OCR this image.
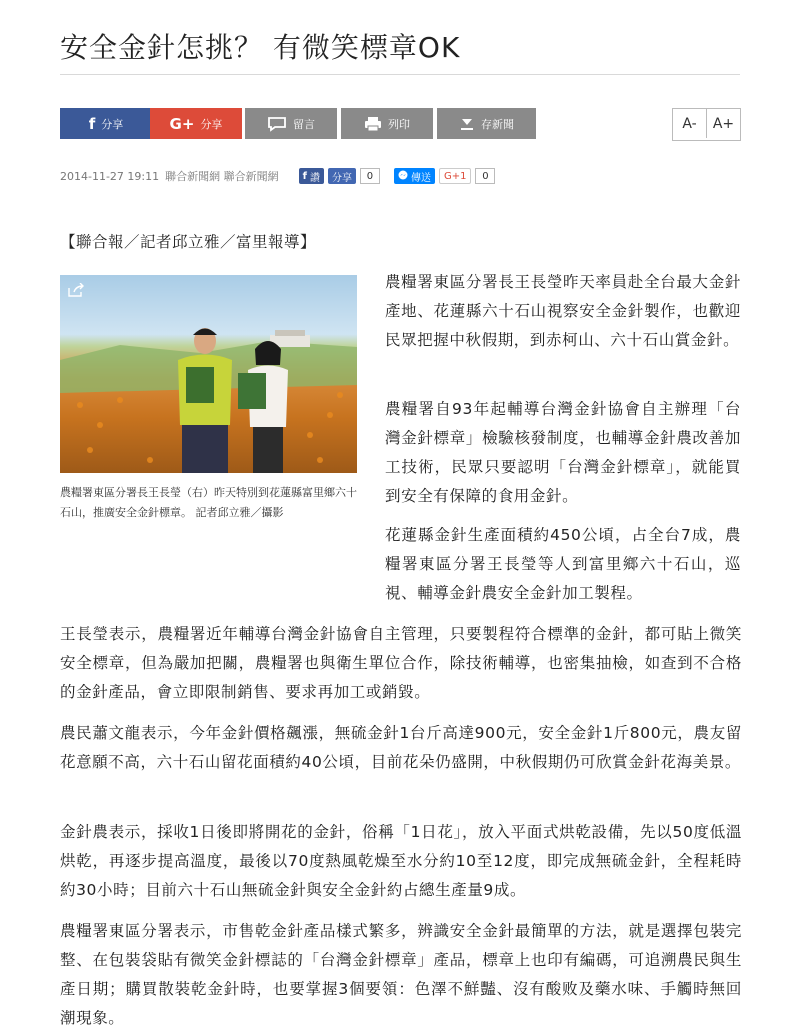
安全金針怎挑？ 有微笑標章OK
f 分享	G+ 分享	留言	列印	存新聞	A-	A+
2014-11-27 19:11 聯合新聞網 聯合新聞網 f 讚	分享	0	傳送	G+1	0

【聯合報／記者邱立雅／富里報導】

農糧署東區分署長王長瑩（右）昨天特別到花蓮縣富里鄉六十石山，推廣安全金針標章。 記者邱立雅／攝影

農糧署東區分署長王長瑩昨天率員赴全台最大金針產地、花蓮縣六十石山視察安全金針製作，也歡迎民眾把握中秋假期，到赤柯山、六十石山賞金針。

農糧署自93年起輔導台灣金針協會自主辦理「台灣金針標章」檢驗核發制度，也輔導金針農改善加工技術，民眾只要認明「台灣金針標章」，就能買到安全有保障的食用金針。

花蓮縣金針生產面積約450公頃，占全台7成，農糧署東區分署王長瑩等人到富里鄉六十石山，巡視、輔導金針農安全金針加工製程。

王長瑩表示，農糧署近年輔導台灣金針協會自主管理，只要製程符合標準的金針，都可貼上微笑安全標章，但為嚴加把關，農糧署也與衛生單位合作，除技術輔導，也密集抽檢，如查到不合格的金針產品，會立即限制銷售、要求再加工或銷毀。

農民蕭文龍表示，今年金針價格飆漲，無硫金針1台斤高達900元，安全金針1斤800元，農友留花意願不高，六十石山留花面積約40公頃，目前花朵仍盛開，中秋假期仍可欣賞金針花海美景。

金針農表示，採收1日後即將開花的金針，俗稱「1日花」，放入平面式烘乾設備，先以50度低溫烘乾，再逐步提高溫度，最後以70度熱風乾燥至水分約10至12度，即完成無硫金針，全程耗時約30小時；目前六十石山無硫金針與安全金針約占總生產量9成。

農糧署東區分署表示，市售乾金針產品樣式繁多，辨識安全金針最簡單的方法，就是選擇包裝完整、在包裝袋貼有微笑金針標誌的「台灣金針標章」產品，標章上也印有編碼，可追溯農民與生產日期；購買散裝乾金針時，也要掌握3個要領：色澤不鮮豔、沒有酸败及藥水味、手觸時無回潮現象。
